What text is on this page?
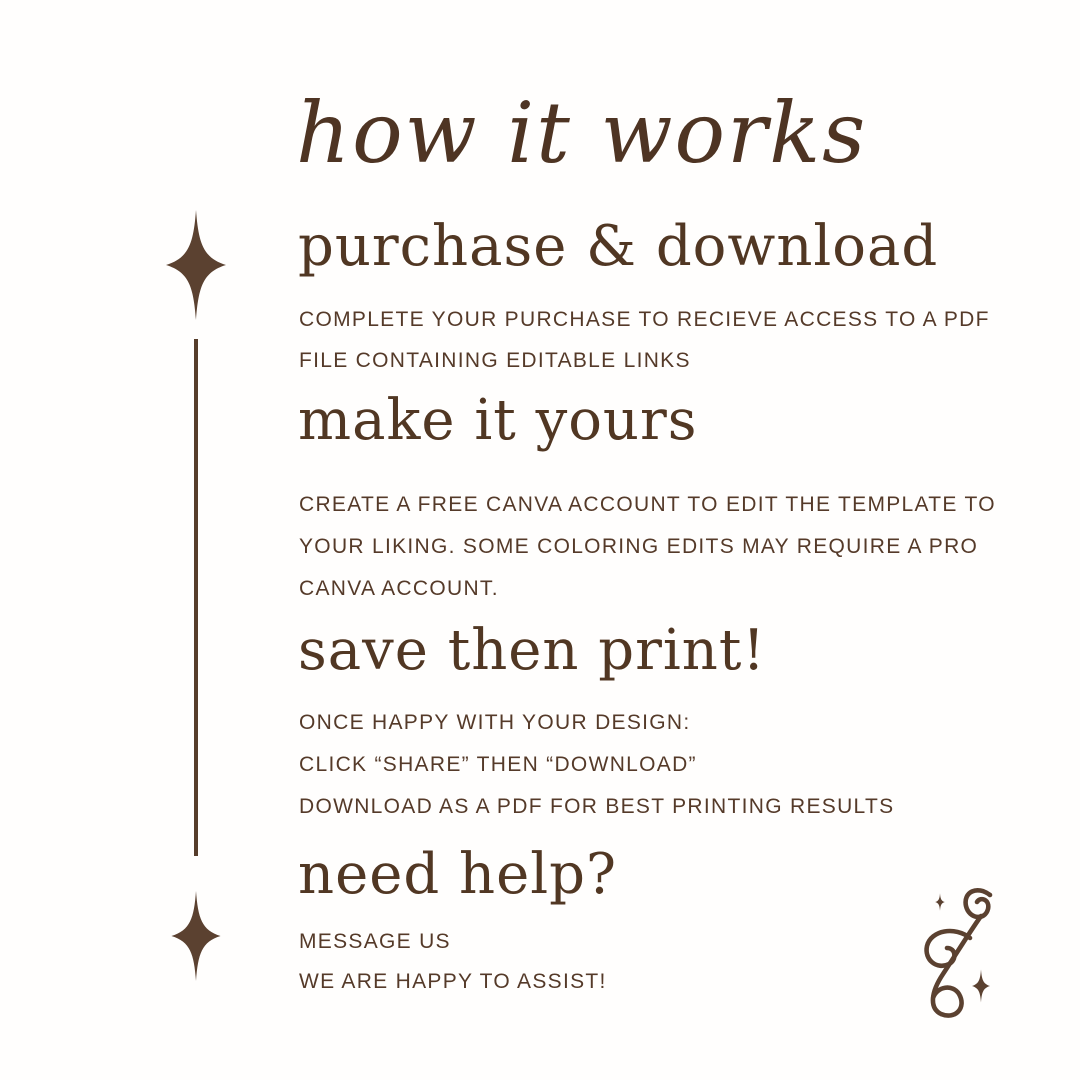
how it works
purchase & download
COMPLETE YOUR PURCHASE TO RECIEVE ACCESS TO A PDF
FILE CONTAINING EDITABLE LINKS
make it yours
CREATE A FREE CANVA ACCOUNT TO EDIT THE TEMPLATE TO
YOUR LIKING. SOME COLORING EDITS MAY REQUIRE A PRO
CANVA ACCOUNT.
save then print!
ONCE HAPPY WITH YOUR DESIGN:
CLICK “SHARE” THEN “DOWNLOAD”
DOWNLOAD AS A PDF FOR BEST PRINTING RESULTS
need help?
MESSAGE US
WE ARE HAPPY TO ASSIST!
